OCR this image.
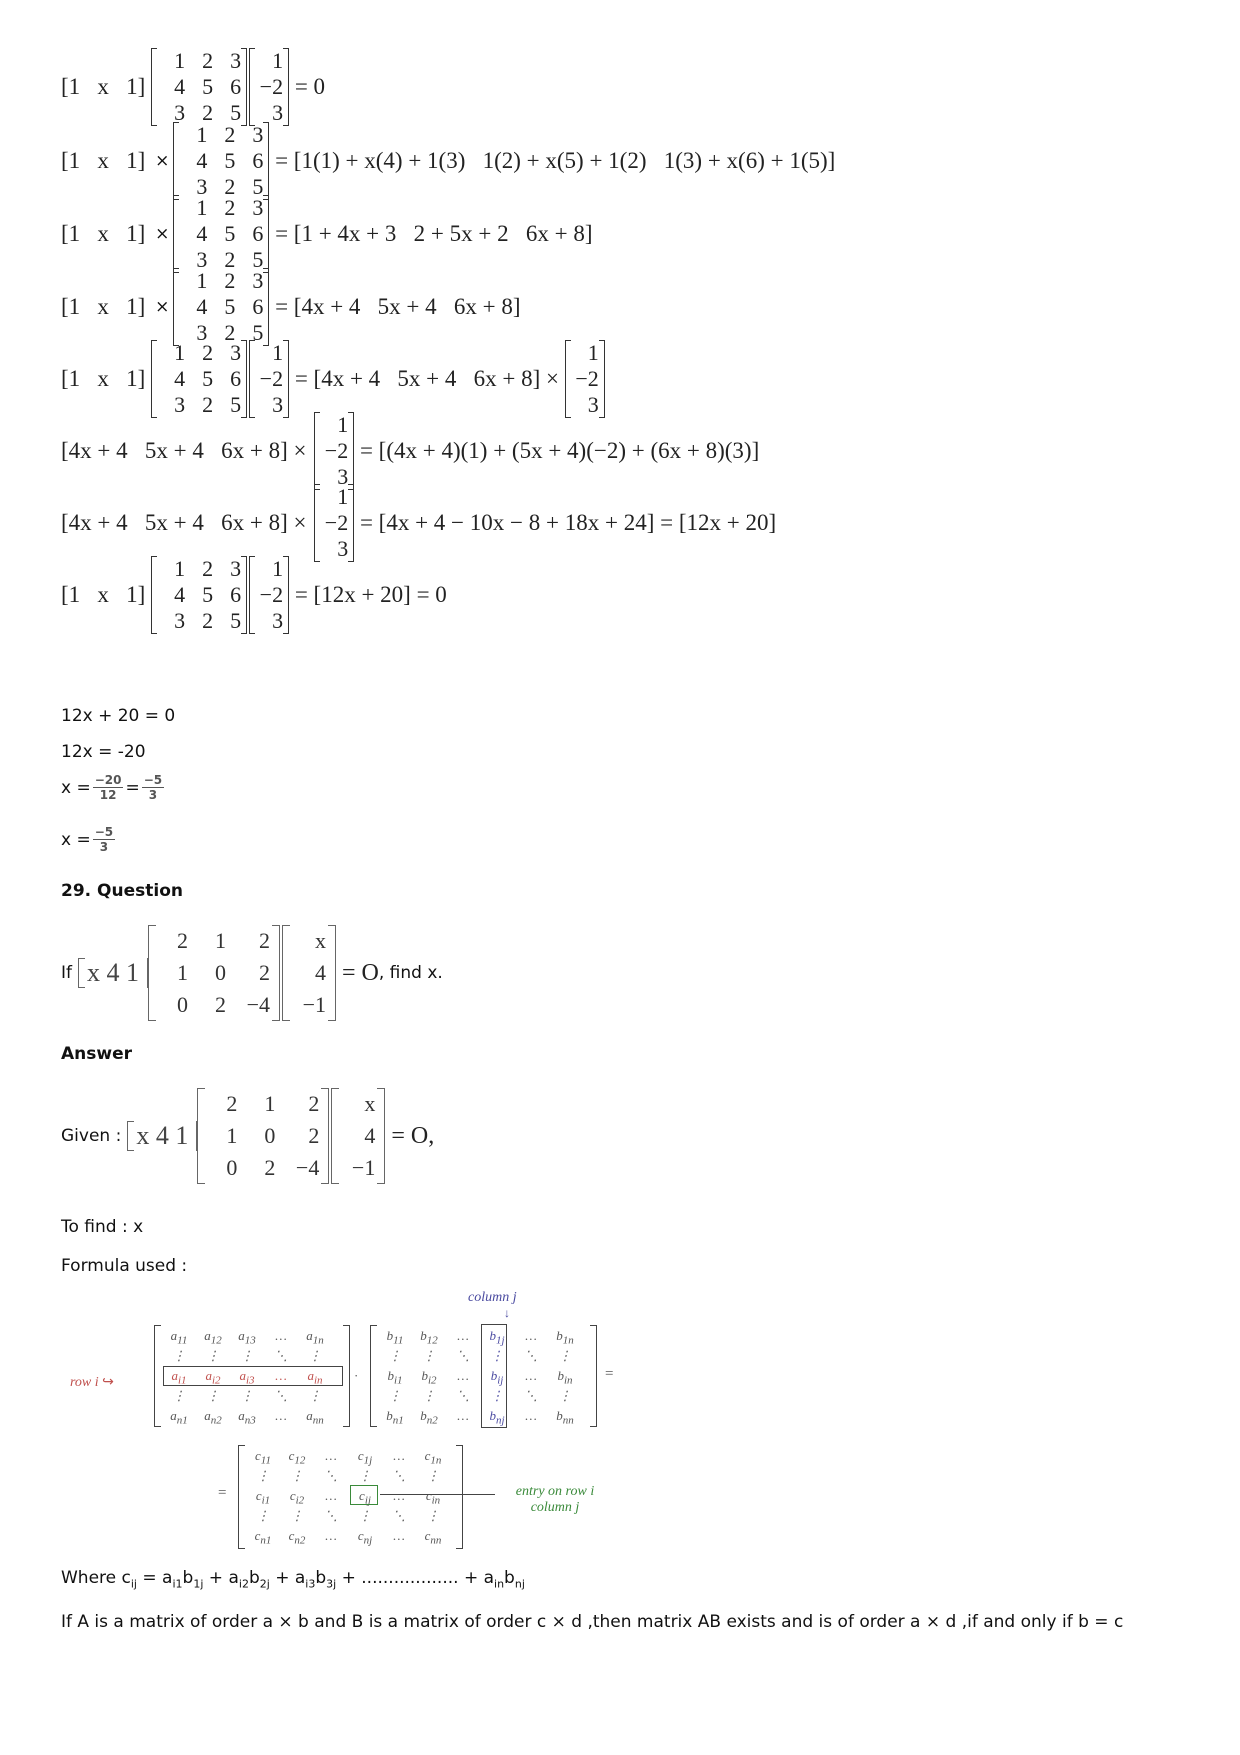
[1   x   1]
1 2 3
4 5 6
3 2 5
1
−2
3
= 0
[1   x   1] ×
1 2 3
4 5 6
3 2 5
= [1(1) + x(4) + 1(3)   1(2) + x(5) + 1(2)   1(3) + x(6) + 1(5)]
[1   x   1] ×
1 2 3
4 5 6
3 2 5
= [1 + 4x + 3   2 + 5x + 2   6x + 8]
[1   x   1] ×
1 2 3
4 5 6
3 2 5
= [4x + 4   5x + 4   6x + 8]
[1   x   1]
1 2 3
4 5 6
3 2 5
1
−2
3
= [4x + 4   5x + 4   6x + 8] ×
1
−2
3
[4x + 4   5x + 4   6x + 8] ×
1
−2
3
= [(4x + 4)(1) + (5x + 4)(−2) + (6x + 8)(3)]
[4x + 4   5x + 4   6x + 8] ×
1
−2
3
= [4x + 4 − 10x − 8 + 18x + 24] = [12x + 20]
[1   x   1]
1 2 3
4 5 6
3 2 5
1
−2
3
= [12x + 20] = 0
12x + 20 = 0
12x = -20
$x = \frac{-20}{12} = \frac{-5}{3}$
$x = \frac{-5}{3}$
29. Question
If x 4 1
2	1	2
1	0	2
0	2 −4
x
4
−1
= O , find x.
Answer
Given : x 4 1
2	1	2
1	0	2
0	2 −4
x
4
−1
= O,
To find : x
Formula used :
column j
↓
row i ↪
$a_{11}$	$a_{12}$	$a_{13}$	…	$a_{1n}$
⋮	⋮	⋮	⋱	⋮
$a_{i1}$	$a_{i2}$	$a_{i3}$	…	$a_{in}$
⋮	⋮	⋮	⋱	⋮
$a_{n1}$	$a_{n2}$	$a_{n3}$	…	$a_{nn}$
·
$b_{11}$	$b_{12}$	…	$b_{1j}$	…	$b_{1n}$
⋮	⋮	⋱	⋮	⋱	⋮
$b_{i1}$	$b_{i2}$	…	$b_{ij}$	…	$b_{in}$
⋮	⋮	⋱	⋮	⋱	⋮
$b_{n1}$	$b_{n2}$	…	$b_{nj}$	…	$b_{nn}$
=
=
$c_{11}$	$c_{12}$	…	$c_{1j}$	…	$c_{1n}$
⋮	⋮	⋱	⋮	⋱	⋮
$c_{i1}$	$c_{i2}$	…	$c_{ij}$	…	$c_{in}$
⋮	⋮	⋱	⋮	⋱	⋮
$c_{n1}$	$c_{n2}$	…	$c_{nj}$	…	$c_{nn}$
entry on row i
column j
Where $c_{ij} = a_{i1}b_{1j} + a_{i2}b_{2j} + a_{i3}b_{3j}$ + .................. + $a_{in}b_{nj}$
If A is a matrix of order a × b and B is a matrix of order c × d ,then matrix AB exists and is of order a × d ,if and only if b = c
